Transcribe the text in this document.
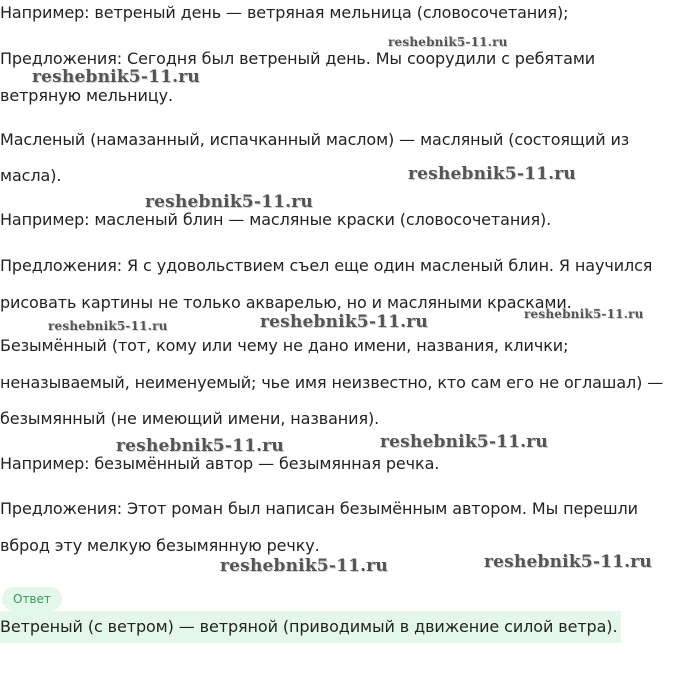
Например: ветреный день — ветряная мельница (словосочетания);
Предложения: Сегодня был ветреный день. Мы соорудили с ребятами
ветряную мельницу.
Масленый (намазанный, испачканный маслом) — масляный (состоящий из
масла).
Например: масленый блин — масляные краски (словосочетания).
Предложения: Я с удовольствием съел еще один масленый блин. Я научился
рисовать картины не только акварелью, но и масляными красками.
Безымённый (тот, кому или чему не дано имени, названия, клички;
неназываемый, неименуемый; чье имя неизвестно, кто сам его не оглашал) —
безымянный (не имеющий имени, названия).
Например: безымённый автор — безымянная речка.
Предложения: Этот роман был написан безымённым автором. Мы перешли
вброд эту мелкую безымянную речку.
reshebnik5-11.ru
reshebnik5-11.ru
reshebnik5-11.ru
reshebnik5-11.ru
reshebnik5-11.ru	reshebnik5-11.ru	reshebnik5-11.ru
reshebnik5-11.ru	reshebnik5-11.ru
reshebnik5-11.ru	reshebnik5-11.ru
Ответ
Ветреный (с ветром) — ветряной (приводимый в движение силой ветра).
